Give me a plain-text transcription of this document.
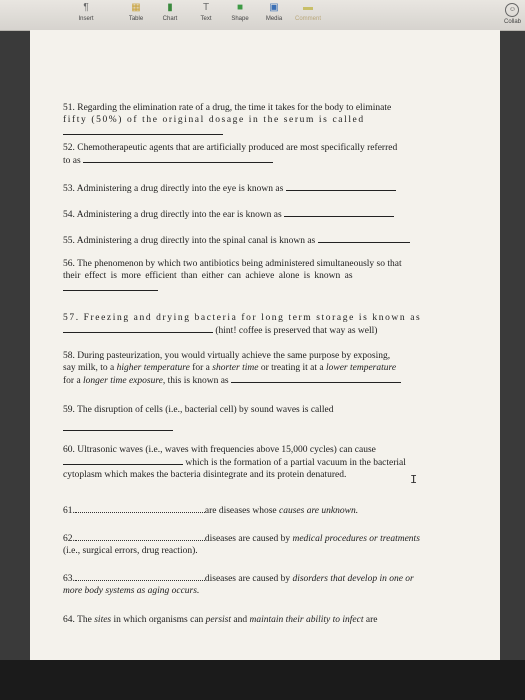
¶
Insert
▦
Table
▮
Chart
T
Text
■
Shape
▣
Media
▬
Comment
☺
Collab
51. Regarding the elimination rate of a drug, the time it takes for the body to eliminate
fifty (50%) of the original dosage in the serum is called
52. Chemotherapeutic agents that are artificially produced are most specifically referred
to as
53. Administering a drug directly into the eye is known as
54. Administering a drug directly into the ear is known as
55. Administering a drug directly into the spinal canal is known as
56. The phenomenon by which two antibiotics being administered simultaneously so that
their effect is more efficient than either can achieve alone is known as
57. Freezing and drying bacteria for long term storage is known as
(hint! coffee is preserved that way as well)
58. During pasteurization, you would virtually achieve the same purpose by exposing,
say milk, to a higher temperature for a shorter time or treating it at a lower temperature
for a longer time exposure, this is known as
59. The disruption of cells (i.e., bacterial cell) by sound waves is called
60. Ultrasonic waves (i.e., waves with frequencies above 15,000 cycles) can cause
which is the formation of a partial vacuum in the bacterial
cytoplasm which makes the bacteria disintegrate and its protein denatured.	I
61.	are diseases whose causes are unknown.
62.	diseases are caused by medical procedures or treatments
(i.e., surgical errors, drug reaction).
63.	diseases are caused by disorders that develop in one or
more body systems as aging occurs.
64. The sites in which organisms can persist and maintain their ability to infect are
